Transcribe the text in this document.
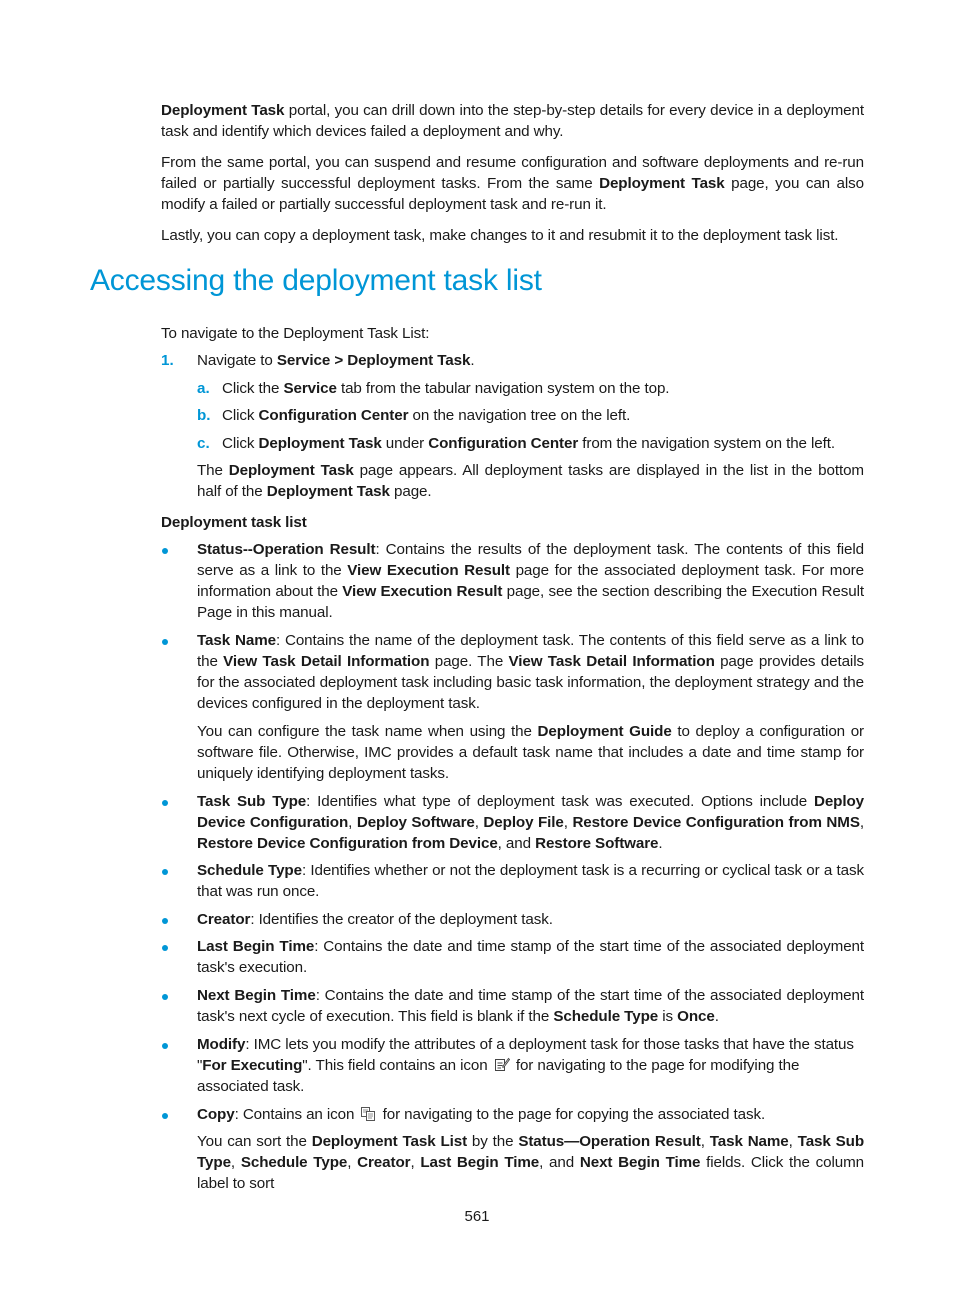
Deployment Task portal, you can drill down into the step-by-step details for every device in a deployment task and identify which devices failed a deployment and why.

From the same portal, you can suspend and resume configuration and software deployments and re-run failed or partially successful deployment tasks. From the same Deployment Task page, you can also modify a failed or partially successful deployment task and re-run it.

Lastly, you can copy a deployment task, make changes to it and resubmit it to the deployment task list.

Accessing the deployment task list

To navigate to the Deployment Task List:

1. Navigate to Service > Deployment Task.

a. Click the Service tab from the tabular navigation system on the top.

b. Click Configuration Center on the navigation tree on the left.

c. Click Deployment Task under Configuration Center from the navigation system on the left.

The Deployment Task page appears. All deployment tasks are displayed in the list in the bottom half of the Deployment Task page.

Deployment task list

Status--Operation Result: Contains the results of the deployment task. The contents of this field serve as a link to the View Execution Result page for the associated deployment task. For more information about the View Execution Result page, see the section describing the Execution Result Page in this manual.

Task Name: Contains the name of the deployment task. The contents of this field serve as a link to the View Task Detail Information page. The View Task Detail Information page provides details for the associated deployment task including basic task information, the deployment strategy and the devices configured in the deployment task.

You can configure the task name when using the Deployment Guide to deploy a configuration or software file. Otherwise, IMC provides a default task name that includes a date and time stamp for uniquely identifying deployment tasks.

Task Sub Type: Identifies what type of deployment task was executed. Options include Deploy Device Configuration, Deploy Software, Deploy File, Restore Device Configuration from NMS, Restore Device Configuration from Device, and Restore Software.

Schedule Type: Identifies whether or not the deployment task is a recurring or cyclical task or a task that was run once.

Creator: Identifies the creator of the deployment task.

Last Begin Time: Contains the date and time stamp of the start time of the associated deployment task's execution.

Next Begin Time: Contains the date and time stamp of the start time of the associated deployment task's next cycle of execution. This field is blank if the Schedule Type is Once.

Modify: IMC lets you modify the attributes of a deployment task for those tasks that have the status "For Executing". This field contains an icon  for navigating to the page for modifying the associated task.

Copy: Contains an icon  for navigating to the page for copying the associated task.

You can sort the Deployment Task List by the Status—Operation Result, Task Name, Task Sub Type, Schedule Type, Creator, Last Begin Time, and Next Begin Time fields. Click the column label to sort

561
